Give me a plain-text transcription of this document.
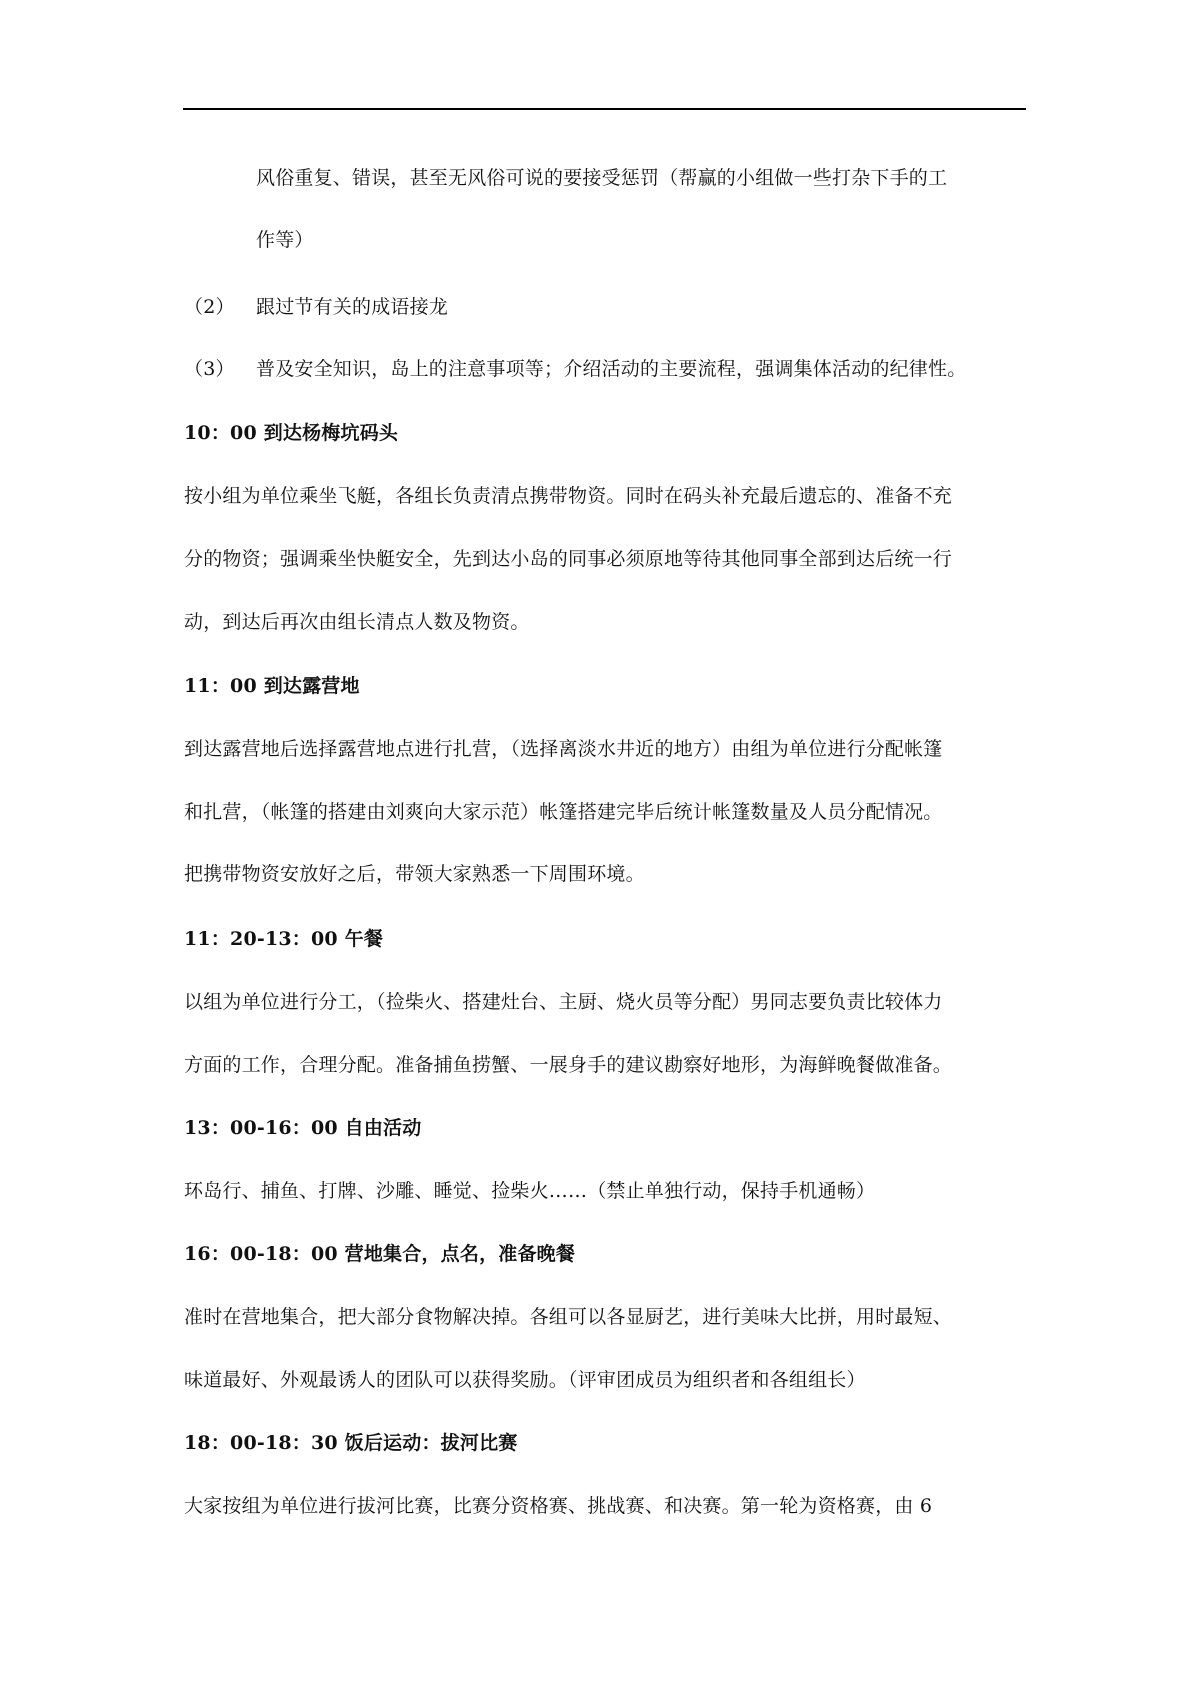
风俗重复、错误，甚至无风俗可说的要接受惩罚（帮赢的小组做一些打杂下手的工
作等）
（2） 跟过节有关的成语接龙
（3） 普及安全知识，岛上的注意事项等；介绍活动的主要流程，强调集体活动的纪律性。
10：00 到达杨梅坑码头
按小组为单位乘坐飞艇，各组长负责清点携带物资。同时在码头补充最后遗忘的、准备不充
分的物资；强调乘坐快艇安全，先到达小岛的同事必须原地等待其他同事全部到达后统一行
动，到达后再次由组长清点人数及物资。
11：00 到达露营地
到达露营地后选择露营地点进行扎营，（选择离淡水井近的地方）由组为单位进行分配帐篷
和扎营，（帐篷的搭建由刘爽向大家示范）帐篷搭建完毕后统计帐篷数量及人员分配情况。
把携带物资安放好之后，带领大家熟悉一下周围环境。
11：20-13：00 午餐
以组为单位进行分工，（捡柴火、搭建灶台、主厨、烧火员等分配）男同志要负责比较体力
方面的工作，合理分配。准备捕鱼捞蟹、一展身手的建议勘察好地形，为海鲜晚餐做准备。
13：00-16：00 自由活动
环岛行、捕鱼、打牌、沙雕、睡觉、捡柴火……（禁止单独行动，保持手机通畅）
16：00-18：00 营地集合，点名，准备晚餐
准时在营地集合，把大部分食物解决掉。各组可以各显厨艺，进行美味大比拼，用时最短、
味道最好、外观最诱人的团队可以获得奖励。（评审团成员为组织者和各组组长）
18：00-18：30 饭后运动：拔河比赛
大家按组为单位进行拔河比赛，比赛分资格赛、挑战赛、和决赛。第一轮为资格赛，由 6
